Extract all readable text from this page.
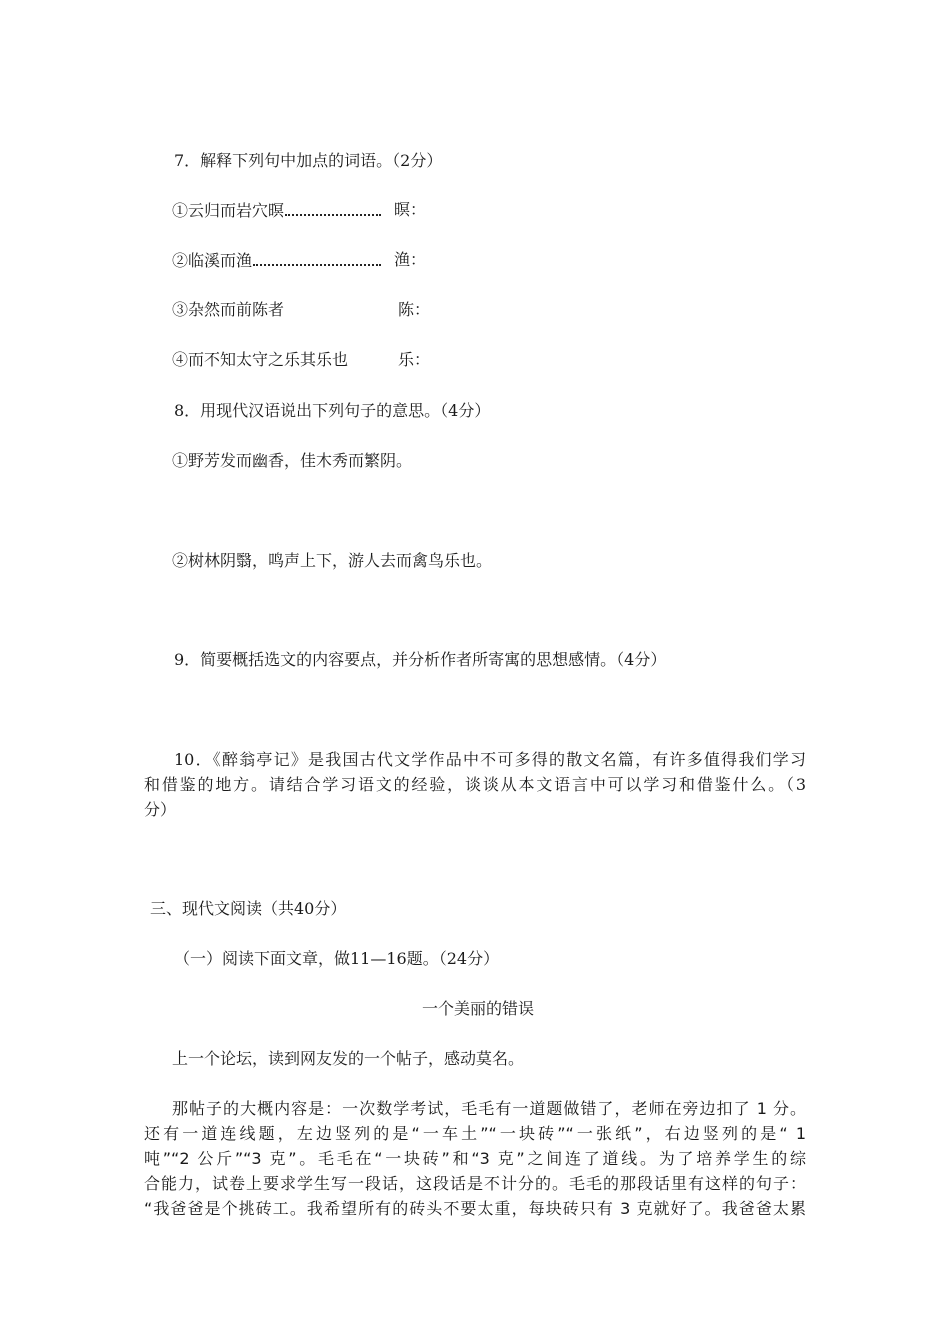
7．解释下列句中加点的词语。（2分）
①云归而岩穴暝	暝：
②临溪而渔	渔：
③杂然而前陈者	陈：
④而不知太守之乐其乐也	乐：
8．用现代汉语说出下列句子的意思。（4分）
①野芳发而幽香，佳木秀而繁阴。
②树林阴翳，鸣声上下，游人去而禽鸟乐也。
9．简要概括选文的内容要点，并分析作者所寄寓的思想感情。（4分）
10．《醉翁亭记》是我国古代文学作品中不可多得的散文名篇，有许多值得我们学习
和借鉴的地方。请结合学习语文的经验，谈谈从本文语言中可以学习和借鉴什么。（3
分）
三、现代文阅读（共40分）
（一）阅读下面文章，做11—16题。（24分）
一个美丽的错误
上一个论坛，读到网友发的一个帖子，感动莫名。
那帖子的大概内容是：一次数学考试，毛毛有一道题做错了，老师在旁边扣了 1 分。
还有一道连线题，左边竖列的是“一车土”“一块砖”“一张纸”，右边竖列的是“ 1
吨”“2 公斤”“3 克”。毛毛在“一块砖”和“3 克”之间连了道线。为了培养学生的综
合能力，试卷上要求学生写一段话，这段话是不计分的。毛毛的那段话里有这样的句子：
“我爸爸是个挑砖工。我希望所有的砖头不要太重，每块砖只有 3 克就好了。我爸爸太累
